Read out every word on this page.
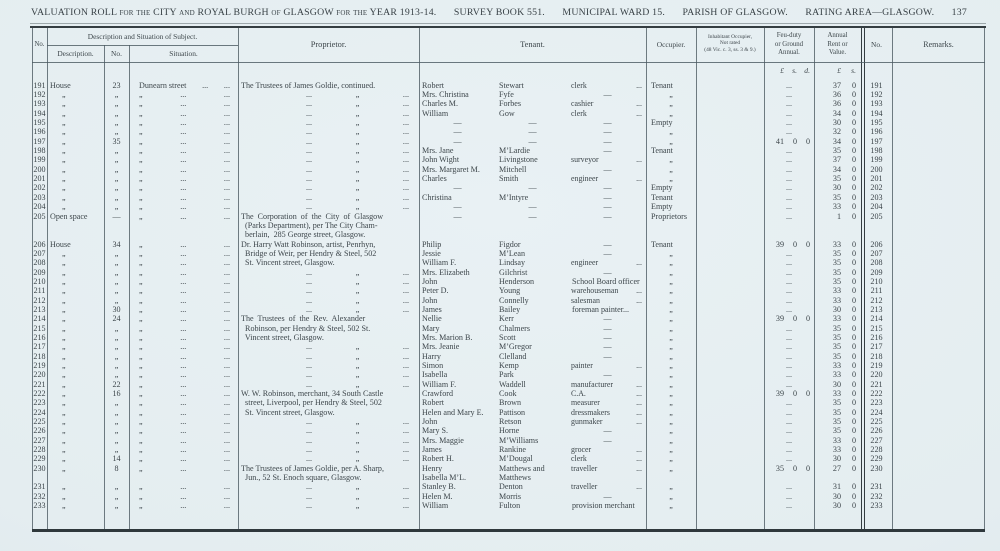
VALUATION ROLL for the CITY and ROYAL BURGH of GLASGOW for the YEAR 1913-14. SURVEY BOOK 551. MUNICIPAL WARD 15. PARISH OF GLASGOW. RATING AREA—GLASGOW. 137
No.
Description and Situation of Subject.
Description.	No.	Situation.
Proprietor.	Tenant.	Occupier.
Inhabitant Occupier,
Not rated
(48 Vic. c. 3, ss. 3 & 9.)
Feu-duty
or Ground
Annual.
Annual
Rent or
Value.
No.	Remarks.
£	s. d.	£	s.
191 House	23	Dunearn street ... ...	The Trustees of James Goldie, continued.	Robert	Stewart	clerk	...	Tenant	...	37	0	191
192	„	„	„	...	...	...	„	...	Mrs. Christina	Fyfe	—	„	...	36	0	192
193	„	„	„	...	...	...	„	...	Charles M.	Forbes	cashier	...	„	...	36	0	193
194	„	„	„	...	...	...	„	...	William	Gow	clerk	...	„	...	34	0	194
195	„	„	„	...	...	...	„	...	—	—	—	Empty	...	30	0	195
196	„	„	„	...	...	...	„	...	—	—	—	„	...	32	0	196
197	„	35	„	...	...	...	„	...	—	—	—	„	41	0	0	34	0	197
198	„	„	„	...	...	...	„	...	Mrs. Jane	M’Lardie	—	Tenant	...	35	0	198
199	„	„	„	...	...	...	„	...	John Wight	Livingstone	surveyor	...	„	...	37	0	199
200	„	„	„	...	...	...	„	...	Mrs. Margaret M.	Mitchell	—	„	...	34	0	200
201	„	„	„	...	...	...	„	...	Charles	Smith	engineer	...	„	...	35	0	201
202	„	„	„	...	...	...	„	...	—	—	—	Empty	...	30	0	202
203	„	„	„	...	...	...	„	...	Christina	M’Intyre	—	Tenant	...	35	0	203
204	„	„	„	...	...	...	„	...	—	—	—	Empty	...	33	0	204
205 Open space	—	„	...	...	The  Corporation  of  the  City  of  Glasgow	—	—	—	Proprietors	...	1	0	205
(Parks Department), per The City Cham-
berlain,  285 George street, Glasgow.
206 House	34	„	...	...	Dr. Harry Watt Robinson, artist, Penrhyn,	Philip	Figdor	—	Tenant	39	0	0	33	0	206
207	„	„	„	...	...	Bridge of Weir, per Hendry & Steel, 502	Jessie	M’Lean	—	„	...	35	0	207
208	„	„	„	...	...	St. Vincent street, Glasgow.	William F.	Lindsay	engineer	...	„	...	35	0	208
209	„	„	„	...	...	...	„	...	Mrs. Elizabeth	Gilchrist	—	„	...	35	0	209
210	„	„	„	...	...	...	„	...	John	Henderson	School Board officer	„	...	35	0	210
211	„	„	„	...	...	...	„	...	Peter D.	Young	warehouseman ...	„	...	33	0	211
212	„	„	„	...	...	...	„	...	John	Connelly	salesman	...	„	...	33	0	212
213	„	30	„	...	...	...	„	...	James	Bailey	foreman painter...	„	...	30	0	213
214	„	24	„	...	...	The  Trustees  of  the  Rev.  Alexander	Nellie	Kerr	—	„	39	0	0	33	0	214
215	„	„	„	...	...	Robinson, per Hendry & Steel, 502 St.	Mary	Chalmers	—	„	...	35	0	215
216	„	„	„	...	...	Vincent street, Glasgow.	Mrs. Marion B.	Scott	—	„	...	35	0	216
217	„	„	„	...	...	...	„	...	Mrs. Jeanie	M’Gregor	—	„	...	35	0	217
218	„	„	„	...	...	...	„	...	Harry	Clelland	—	„	...	35	0	218
219	„	„	„	...	...	...	„	...	Simon	Kemp	painter	...	„	...	33	0	219
220	„	„	„	...	...	...	„	...	Isabella	Park	—	„	...	33	0	220
221	„	22	„	...	...	...	„	...	William F.	Waddell	manufacturer	...	„	...	30	0	221
222	„	16	„	...	...	W. W. Robinson, merchant, 34 South Castle	Crawford	Cook	C.A.	...	„	39	0	0	33	0	222
223	„	„	„	...	...	street, Liverpool, per Hendry & Steel, 502	Robert	Brown	measurer	...	„	...	35	0	223
224	„	„	„	...	...	St. Vincent street, Glasgow.	Helen and Mary E.	Pattison	dressmakers	...	„	...	35	0	224
225	„	„	„	...	...	...	„	...	John	Retson	gunmaker	...	„	...	35	0	225
226	„	„	„	...	...	...	„	...	Mary S.	Horne	—	„	...	35	0	226
227	„	„	„	...	...	...	„	...	Mrs. Maggie	M’Williams	—	„	...	33	0	227
228	„	„	„	...	...	...	„	...	James	Rankine	grocer	...	„	...	33	0	228
229	„	14	„	...	...	...	„	...	Robert H.	M’Dougal	clerk	...	„	...	30	0	229
230	„	8	„	...	...	The Trustees of James Goldie, per A. Sharp,	Henry	Matthews and	traveller	...	„	35	0	0	27	0	230
Jun., 52 St. Enoch square, Glasgow.	Isabella M’L.	Matthews
231	„	„	„	...	...	...	„	...	Stanley B.	Denton	traveller	...	„	...	31	0	231
232	„	„	„	...	...	...	„	...	Helen M.	Morris	—	„	...	30	0	232
233	„	„	„	...	...	...	„	...	William	Fulton	provision merchant	„	...	30	0	233
